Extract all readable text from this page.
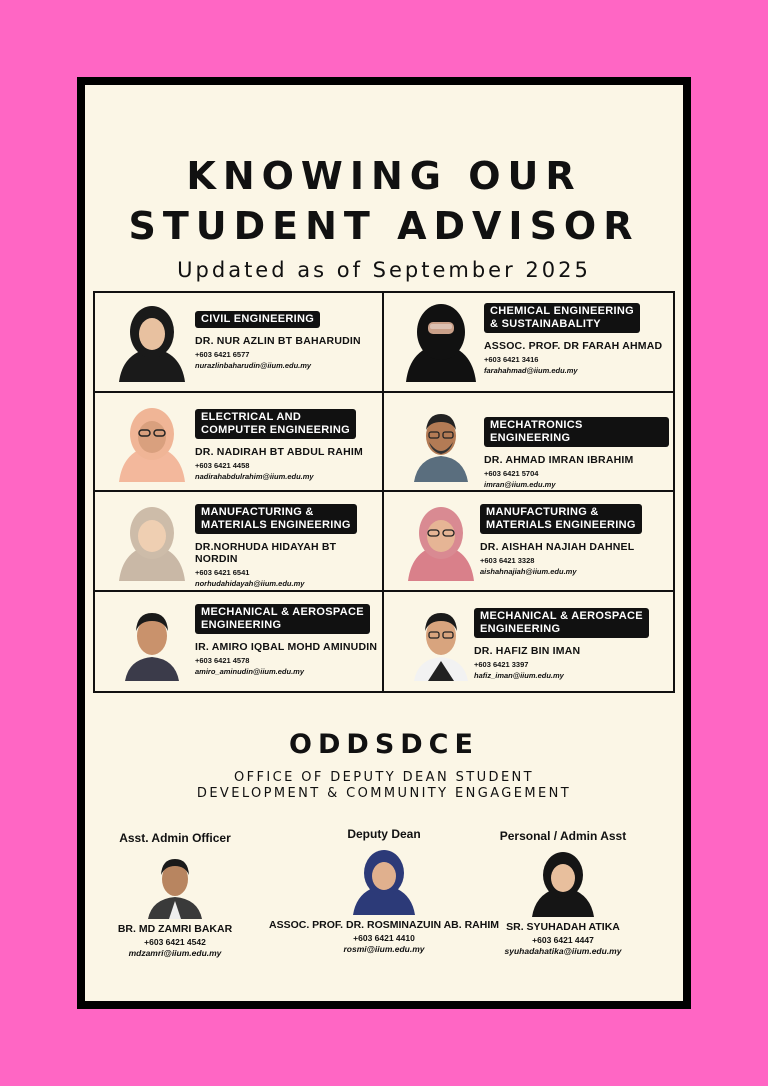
KNOWING OUR
STUDENT ADVISOR
Updated as of September 2025
CIVIL ENGINEERING
DR. NUR AZLIN BT BAHARUDIN
+603 6421 6577
nurazlinbaharudin@iium.edu.my
CHEMICAL ENGINEERING
& SUSTAINABALITY
ASSOC. PROF. DR FARAH AHMAD
+603 6421 3416
farahahmad@iium.edu.my
ELECTRICAL AND
COMPUTER ENGINEERING
DR. NADIRAH BT ABDUL RAHIM
+603 6421 4458
nadirahabdulrahim@iium.edu.my
MECHATRONICS ENGINEERING
DR. AHMAD IMRAN IBRAHIM
+603 6421 5704
imran@iium.edu.my
MANUFACTURING &
MATERIALS ENGINEERING
DR.NORHUDA HIDAYAH BT NORDIN
+603 6421 6541
norhudahidayah@iium.edu.my
MANUFACTURING &
MATERIALS ENGINEERING
DR. AISHAH NAJIAH DAHNEL
+603 6421 3328
aishahnajiah@iium.edu.my
MECHANICAL & AEROSPACE
ENGINEERING
IR. AMIRO IQBAL MOHD AMINUDIN
+603 6421 4578
amiro_aminudin@iium.edu.my
MECHANICAL & AEROSPACE
ENGINEERING
DR. HAFIZ BIN IMAN
+603 6421 3397
hafiz_iman@iium.edu.my
ODDSDCE
OFFICE OF DEPUTY DEAN STUDENT
DEVELOPMENT & COMMUNITY ENGAGEMENT
Asst. Admin Officer
BR. MD ZAMRI BAKAR
+603 6421 4542
mdzamri@iium.edu.my
Deputy Dean
ASSOC. PROF. DR. ROSMINAZUIN AB. RAHIM
+603 6421 4410
rosmi@iium.edu.my
Personal / Admin Asst
SR. SYUHADAH ATIKA
+603 6421 4447
syuhadahatika@iium.edu.my
